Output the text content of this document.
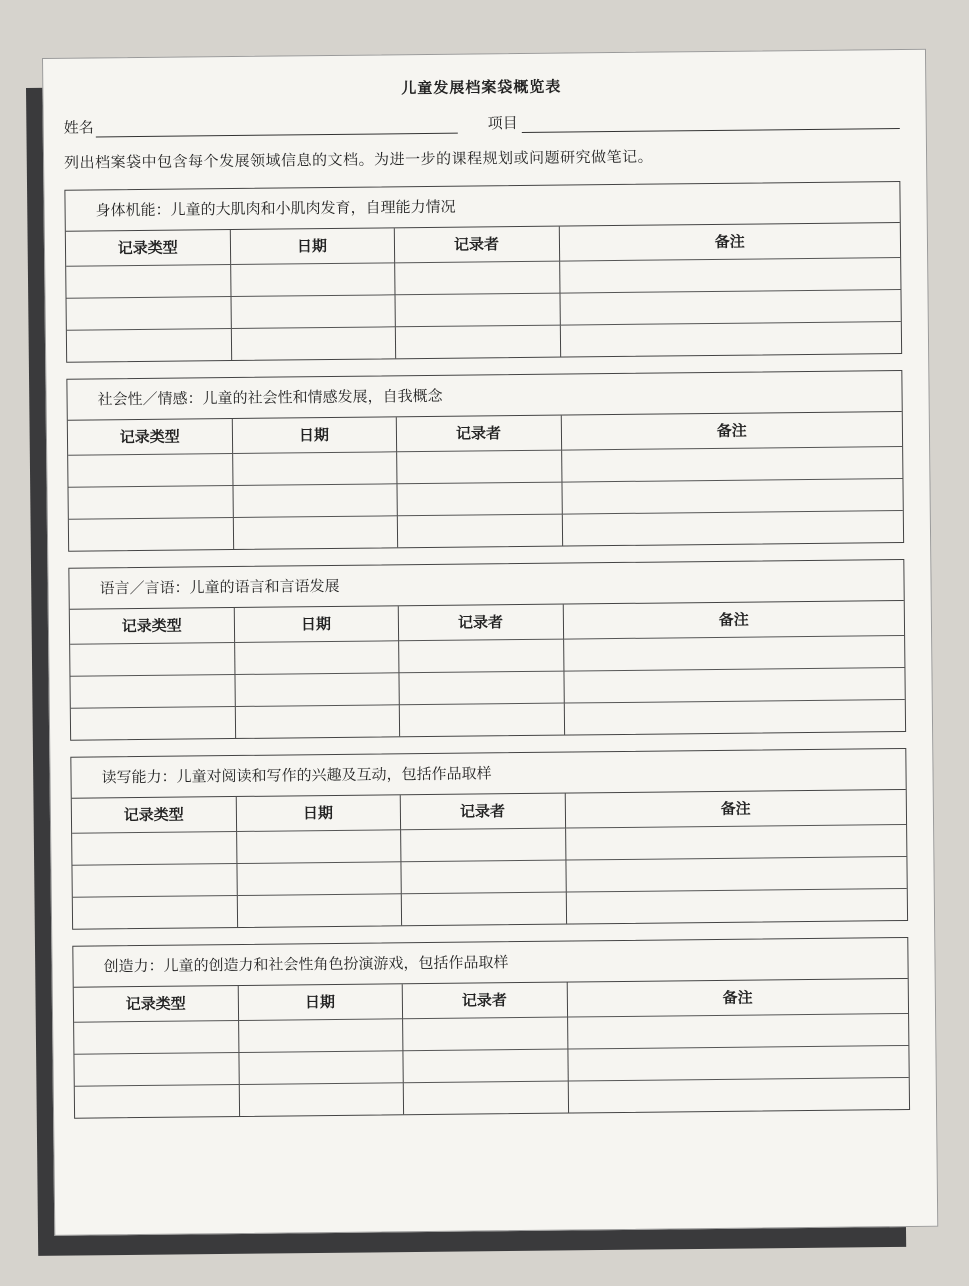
儿童发展档案袋概览表
姓名	项目
列出档案袋中包含每个发展领域信息的文档。为进一步的课程规划或问题研究做笔记。
身体机能：儿童的大肌肉和小肌肉发育，自理能力情况
记录类型	日期	记录者	备注

社会性／情感：儿童的社会性和情感发展，自我概念
记录类型	日期	记录者	备注

语言／言语：儿童的语言和言语发展
记录类型	日期	记录者	备注

读写能力：儿童对阅读和写作的兴趣及互动，包括作品取样
记录类型	日期	记录者	备注

创造力：儿童的创造力和社会性角色扮演游戏，包括作品取样
记录类型	日期	记录者	备注
